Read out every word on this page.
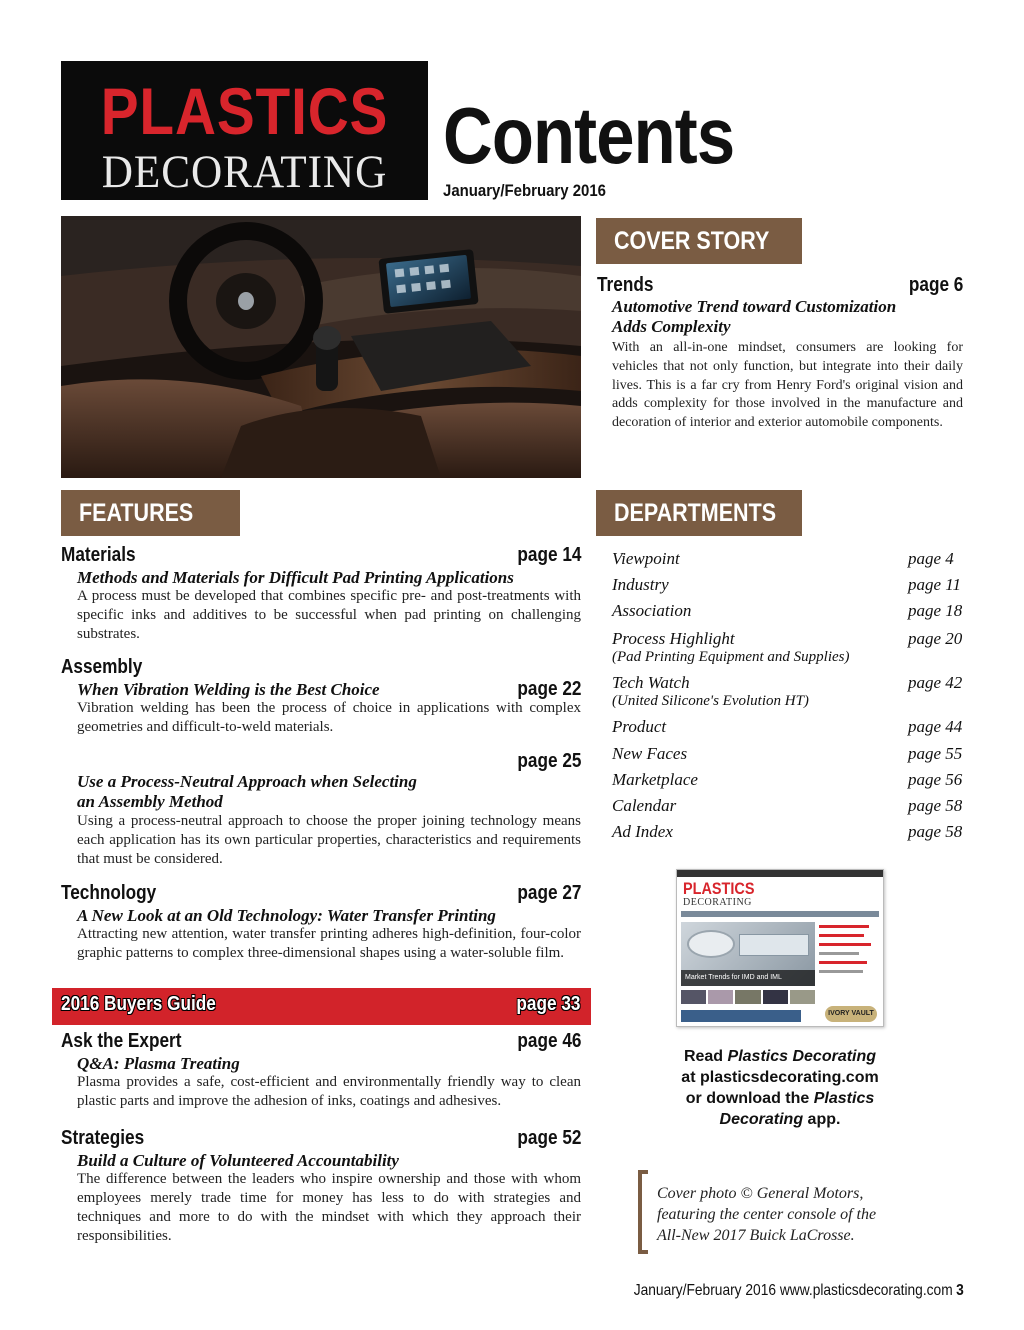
PLASTICS
DECORATING Contents
January/February 2016
COVER STORY
Trends	page 6
Automotive Trend toward Customization
Adds Complexity
With an all-in-one mindset, consumers are looking for vehicles that not only function, but integrate into their daily lives. This is a far cry from Henry Ford's original vision and adds complexity for those involved in the manufacture and decoration of interior and exterior automobile components.
FEATURES
Materials	page 14
Methods and Materials for Difficult Pad Printing Applications
A process must be developed that combines specific pre- and post-treatments with specific inks and additives to be successful when pad printing on challenging substrates.
Assembly
When Vibration Welding is the Best Choice	page 22
Vibration welding has been the process of choice in applications with complex geometries and difficult-to-weld materials.
page 25
Use a Process-Neutral Approach when Selecting
an Assembly Method
Using a process-neutral approach to choose the proper joining technology means each application has its own particular properties, characteristics and requirements that must be considered.
Technology	page 27
A New Look at an Old Technology: Water Transfer Printing
Attracting new attention, water transfer printing adheres high-definition, four-color graphic patterns to complex three-dimensional shapes using a water-soluble film.
2016 Buyers Guide	page 33
Ask the Expert	page 46
Q&A: Plasma Treating
Plasma provides a safe, cost-efficient and environmentally friendly way to clean plastic parts and improve the adhesion of inks, coatings and adhesives.
Strategies	page 52
Build a Culture of Volunteered Accountability
The difference between the leaders who inspire ownership and those with whom employees merely trade time for money has less to do with strategies and techniques and more to do with the mindset with which they approach their responsibilities.
DEPARTMENTS
Viewpoint	page 4
Industry	page 11
Association	page 18
Process Highlight	page 20
(Pad Printing Equipment and Supplies)
Tech Watch	page 42
(United Silicone's Evolution HT)
Product	page 44
New Faces	page 55
Marketplace	page 56
Calendar	page 58
Ad Index	page 58
PLASTICS
DECORATING
Market Trends for IMD and IML
IVORY VAULT
Read Plastics Decorating
at plasticsdecorating.com
or download the Plastics
Decorating app.
Cover photo © General Motors,
featuring the center console of the
All-New 2017 Buick LaCrosse.
January/February 2016 www.plasticsdecorating.com 3
